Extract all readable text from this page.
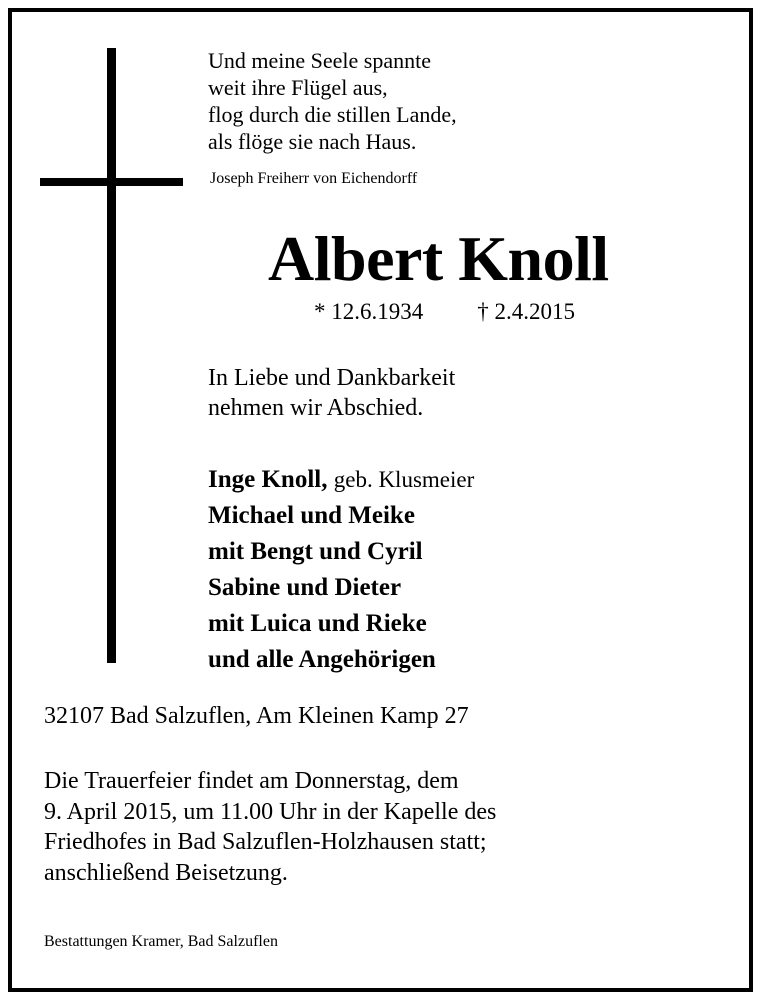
Und meine Seele spannte
weit ihre Flügel aus,
flog durch die stillen Lande,
als flöge sie nach Haus.
Joseph Freiherr von Eichendorff
Albert Knoll
* 12.6.1934 † 2.4.2015
In Liebe und Dankbarkeit
nehmen wir Abschied.
Inge Knoll, geb. Klusmeier
Michael und Meike
mit Bengt und Cyril
Sabine und Dieter
mit Luica und Rieke
und alle Angehörigen
32107 Bad Salzuflen, Am Kleinen Kamp 27
Die Trauerfeier findet am Donnerstag, dem
9. April 2015, um 11.00 Uhr in der Kapelle des
Friedhofes in Bad Salzuflen-Holzhausen statt;
anschließend Beisetzung.
Bestattungen Kramer, Bad Salzuflen
